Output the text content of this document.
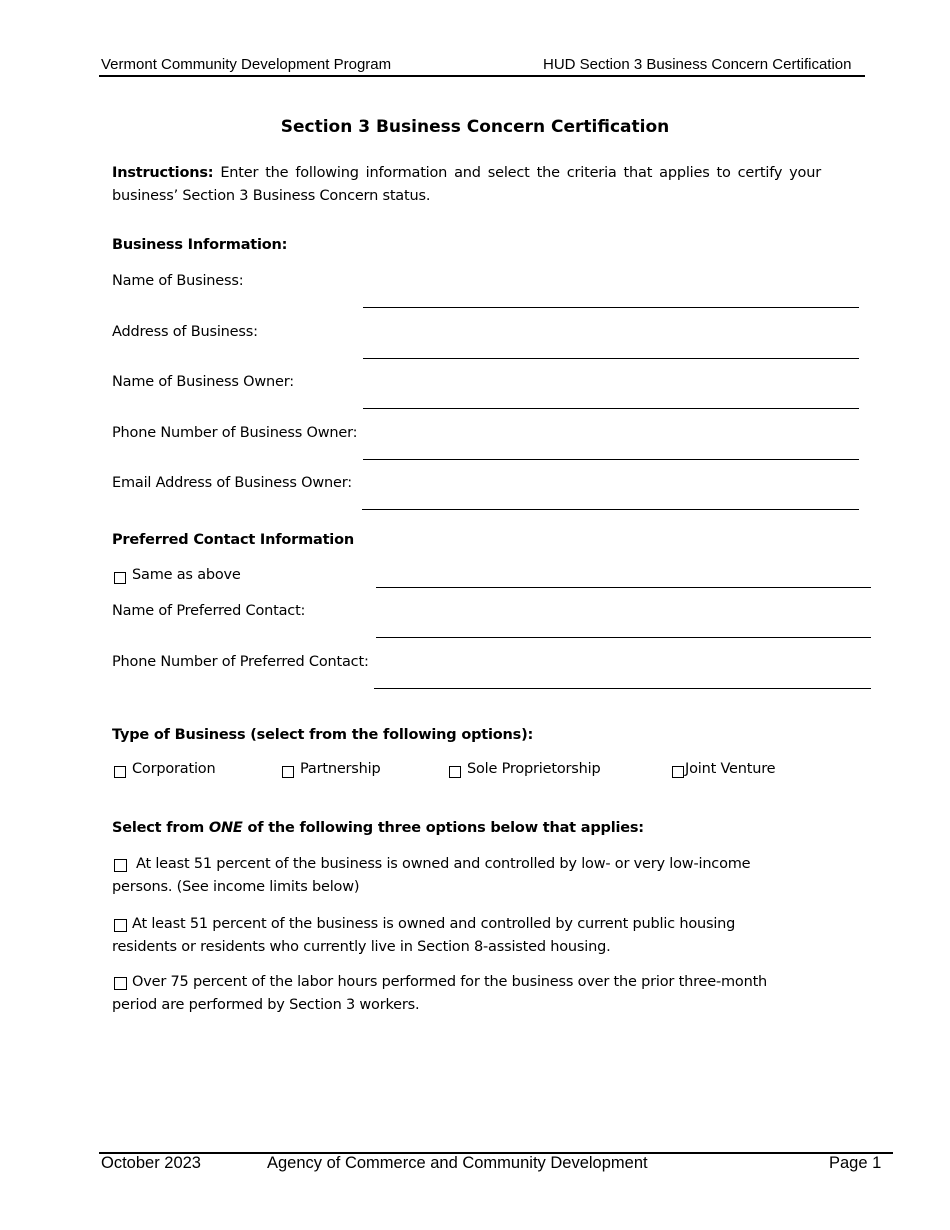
Vermont Community Development Program	HUD Section 3 Business Concern Certification
Section 3 Business Concern Certification
Instructions: Enter the following information and select the criteria that applies to certify your
business’ Section 3 Business Concern status.
Business Information:
Name of Business:
Address of Business:
Name of Business Owner:
Phone Number of Business Owner:
Email Address of Business Owner:
Preferred Contact Information
Same as above
Name of Preferred Contact:
Phone Number of Preferred Contact:
Type of Business (select from the following options):
Corporation	Partnership	Sole Proprietorship	Joint Venture
Select from ONE of the following three options below that applies:
At least 51 percent of the business is owned and controlled by low- or very low-income
persons. (See income limits below)
At least 51 percent of the business is owned and controlled by current public housing
residents or residents who currently live in Section 8-assisted housing.
Over 75 percent of the labor hours performed for the business over the prior three-month
period are performed by Section 3 workers.
October 2023	Agency of Commerce and Community Development	Page 1
